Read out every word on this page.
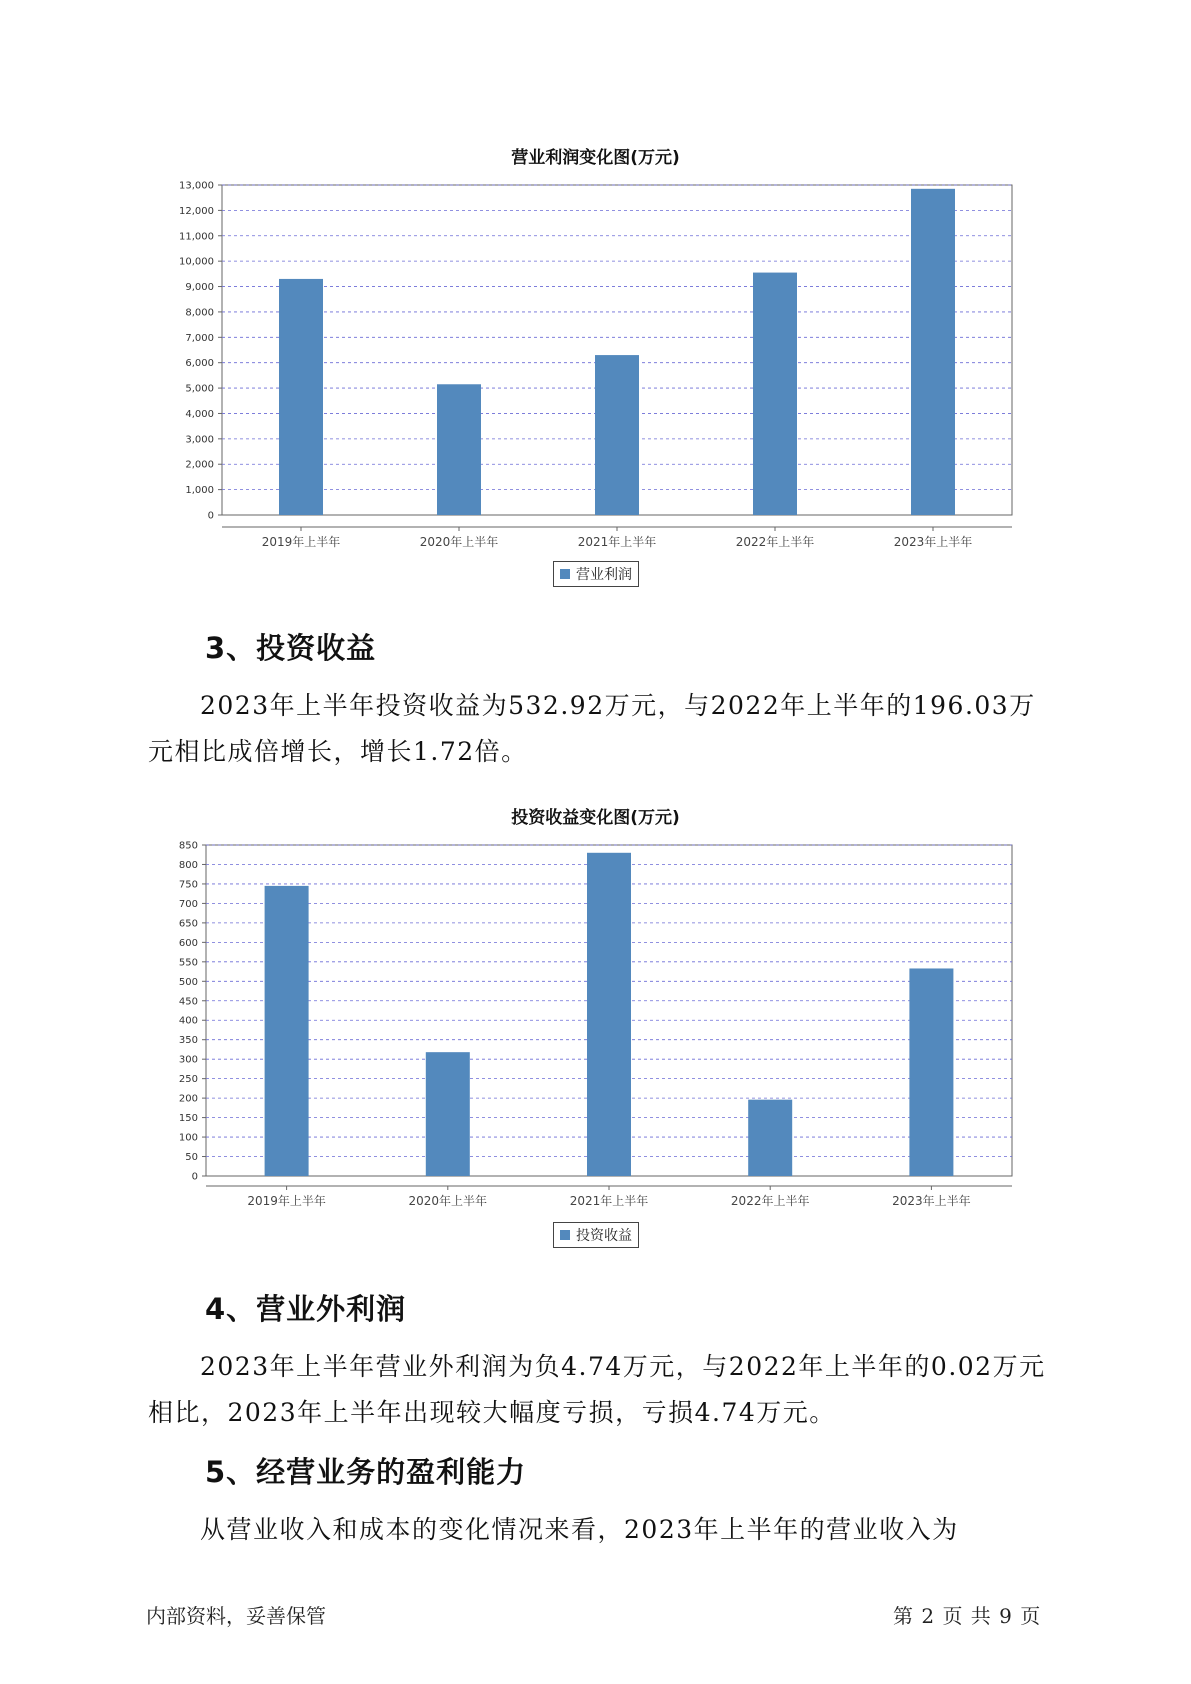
营业利润变化图(万元)
0
1,000
2,000
3,000
4,000
5,000
6,000
7,000
8,000
9,000
10,000
11,000
12,000
13,000
2019年上半年	2020年上半年	2021年上半年	2022年上半年	2023年上半年
营业利润
3、投资收益
2023年上半年投资收益为532.92万元，与2022年上半年的196.03万元相比成倍增长，增长1.72倍。
投资收益变化图(万元)
0
50
100
150
200
250
300
350
400
450
500
550
600
650
700
750
800
850
2019年上半年	2020年上半年	2021年上半年	2022年上半年	2023年上半年
投资收益
4、营业外利润
2023年上半年营业外利润为负4.74万元，与2022年上半年的0.02万元相比，2023年上半年出现较大幅度亏损，亏损4.74万元。
5、经营业务的盈利能力
从营业收入和成本的变化情况来看，2023年上半年的营业收入为
内部资料，妥善保管	第 2 页 共 9 页
